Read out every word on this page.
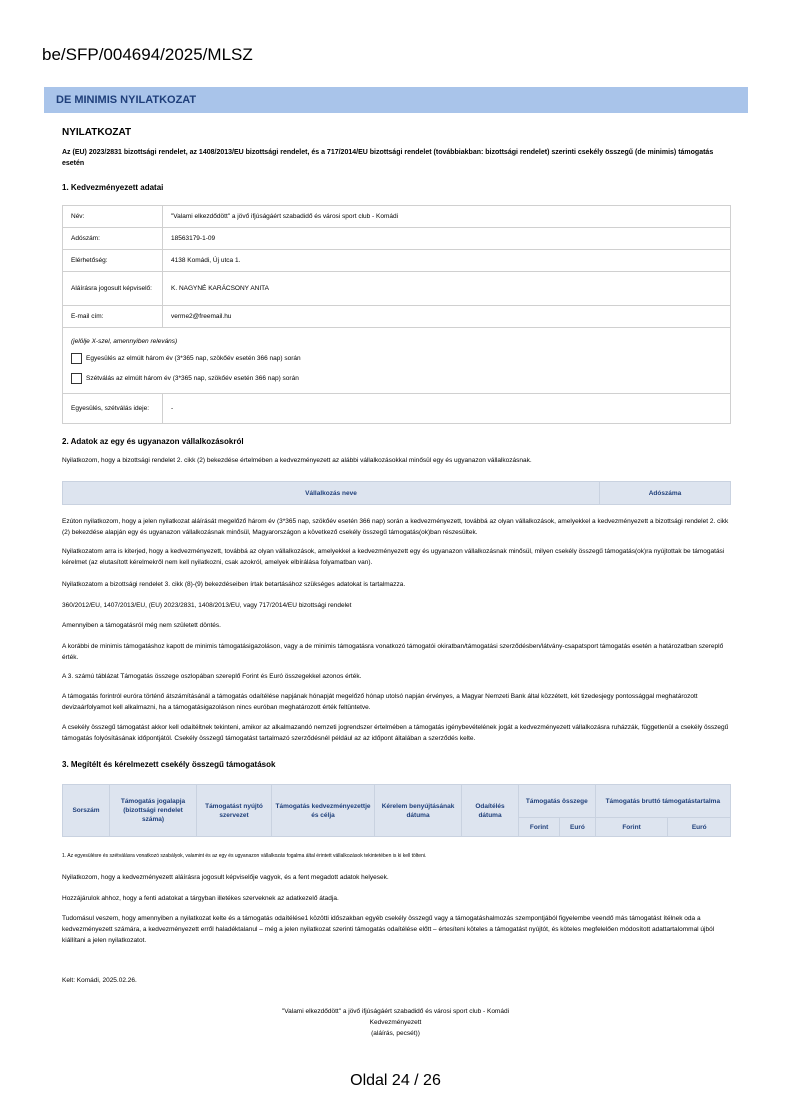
be/SFP/004694/2025/MLSZ
DE MINIMIS NYILATKOZAT
NYILATKOZAT
Az (EU) 2023/2831 bizottsági rendelet, az 1408/2013/EU bizottsági rendelet, és a 717/2014/EU bizottsági rendelet (továbbiakban: bizottsági rendelet) szerinti csekély összegű (de minimis) támogatás esetén
1. Kedvezményezett adatai
Név:	"Valami elkezdődött" a jövő ifjúságáért szabadidő és városi sport club - Komádi
Adószám:	18563179-1-09
Elérhetőség:	4138 Komádi, Új utca 1.
Aláírásra jogosult képviselő:	K. NAGYNÉ KARÁCSONY ANITA
E-mail cím:	verme2@freemail.hu

(jelölje X-szel, amennyiben releváns)
Egyesülés az elmúlt három év (3*365 nap, szökőév esetén 366 nap) során
Szétválás az elmúlt három év (3*365 nap, szökőév esetén 366 nap) során	

Egyesülés, szétválás ideje:	-
2. Adatok az egy és ugyanazon vállalkozásokról
Nyilatkozom, hogy a bizottsági rendelet 2. cikk (2) bekezdése értelmében a kedvezményezett az alábbi vállalkozásokkal minősül egy és ugyanazon vállalkozásnak.
Vállalkozás neve	Adószáma
Ezúton nyilatkozom, hogy a jelen nyilatkozat aláírását megelőző három év (3*365 nap, szökőév esetén 366 nap) során a kedvezményezett, továbbá az olyan vállalkozások, amelyekkel a kedvezményezett a bizottsági rendelet 2. cikk (2) bekezdése alapján egy és ugyanazon vállalkozásnak minősül, Magyarországon a következő csekély összegű támogatás(ok)ban részesültek.
Nyilatkozatom arra is kiterjed, hogy a kedvezményezett, továbbá az olyan vállalkozások, amelyekkel a kedvezményezett egy és ugyanazon vállalkozásnak minősül, milyen csekély összegű támogatás(ok)ra nyújtottak be támogatási kérelmet (az elutasított kérelmekről nem kell nyilatkozni, csak azokról, amelyek elbírálása folyamatban van).
Nyilatkozatom a bizottsági rendelet 3. cikk (8)-(9) bekezdéseiben írtak betartásához szükséges adatokat is tartalmazza.
360/2012/EU, 1407/2013/EU, (EU) 2023/2831, 1408/2013/EU, vagy 717/2014/EU bizottsági rendelet
Amennyiben a támogatásról még nem született döntés.
A korábbi de minimis támogatáshoz kapott de minimis támogatásigazoláson, vagy a de minimis támogatásra vonatkozó támogatói okiratban/támogatási szerződésben/látvány-csapatsport támogatás esetén a határozatban szereplő érték.
A 3. számú táblázat Támogatás összege oszlopában szereplő Forint és Euró összegekkel azonos érték.
A támogatás forintról euróra történő átszámításánál a támogatás odaítélése napjának hónapját megelőző hónap utolsó napján érvényes, a Magyar Nemzeti Bank által közzétett, két tizedesjegy pontossággal meghatározott devizaárfolyamot kell alkalmazni, ha a támogatásigazoláson nincs euróban meghatározott érték feltüntetve.
A csekély összegű támogatást akkor kell odaítéltnek tekinteni, amikor az alkalmazandó nemzeti jogrendszer értelmében a támogatás igénybevételének jogát a kedvezményezett vállalkozásra ruházzák, függetlenül a csekély összegű támogatás folyósításának időpontjától. Csekély összegű támogatást tartalmazó szerződésnél például az az időpont általában a szerződés kelte.
3. Megítélt és kérelmezett csekély összegű támogatások
Sorszám	Támogatás jogalapja (bizottsági rendelet száma)	Támogatást nyújtó szervezet	Támogatás kedvezményezettje és célja	Kérelem benyújtásának dátuma	Odaítélés dátuma	Támogatás összege		Támogatás bruttó támogatástartalma	
						Forint	Euró	Forint	Euró
1. Az egyesülésre és szétválásra vonatkozó szabályok, valamint és az egy és ugyanazon vállalkozás fogalma által érintett vállalkozások tekintetében is ki kell tölteni.
Nyilatkozom, hogy a kedvezményezett aláírásra jogosult képviselője vagyok, és a fent megadott adatok helyesek.
Hozzájárulok ahhoz, hogy a fenti adatokat a tárgyban illetékes szerveknek az adatkezelő átadja.
Tudomásul veszem, hogy amennyiben a nyilatkozat kelte és a támogatás odaítélése1 közötti időszakban egyéb csekély összegű vagy a támogatáshalmozás szempontjából figyelembe veendő más támogatást ítélnek oda a kedvezményezett számára, a kedvezményezett erről haladéktalanul – még a jelen nyilatkozat szerinti támogatás odaítélése előtt – értesíteni köteles a támogatást nyújtót, és köteles megfelelően módosított adattartalommal újból kiállítani a jelen nyilatkozatot.
Kelt: Komádi, 2025.02.26.
"Valami elkezdődött" a jövő ifjúságáért szabadidő és városi sport club - Komádi
Kedvezményezett
(aláírás, pecsét))
Oldal 24 / 26
